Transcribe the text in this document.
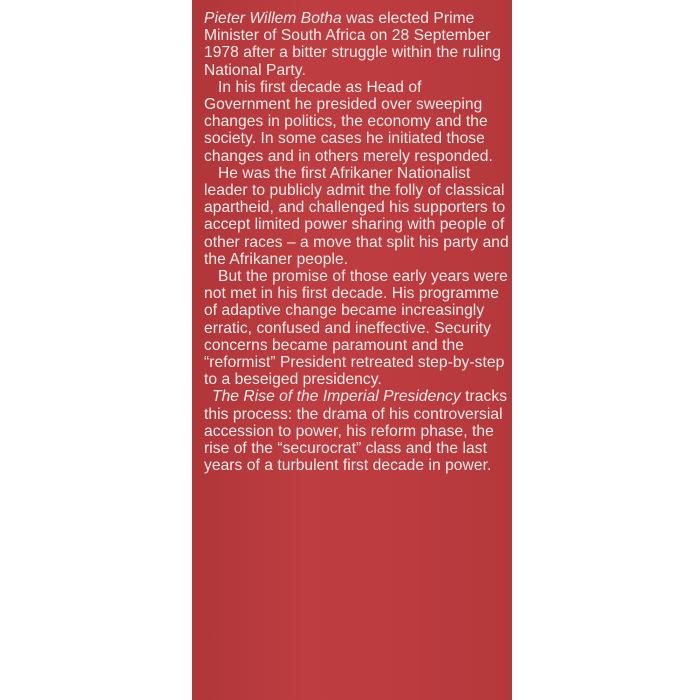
Pieter Willem Botha was elected Prime Minister of South Africa on 28 September 1978 after a bitter struggle within the ruling National Party.

In his first decade as Head of Government he presided over sweeping changes in politics, the economy and the society. In some cases he initiated those changes and in others merely responded.

He was the first Afrikaner Nationalist leader to publicly admit the folly of classical apartheid, and challenged his supporters to accept limited power sharing with people of other races – a move that split his party and the Afrikaner people.

But the promise of those early years were not met in his first decade. His programme of adaptive change became increasingly erratic, confused and ineffective. Security concerns became paramount and the “reformist” President retreated step-by-step to a beseiged presidency.

The Rise of the Imperial Presidency tracks this process: the drama of his controversial accession to power, his reform phase, the rise of the “securocrat” class and the last years of a turbulent first decade in power.
